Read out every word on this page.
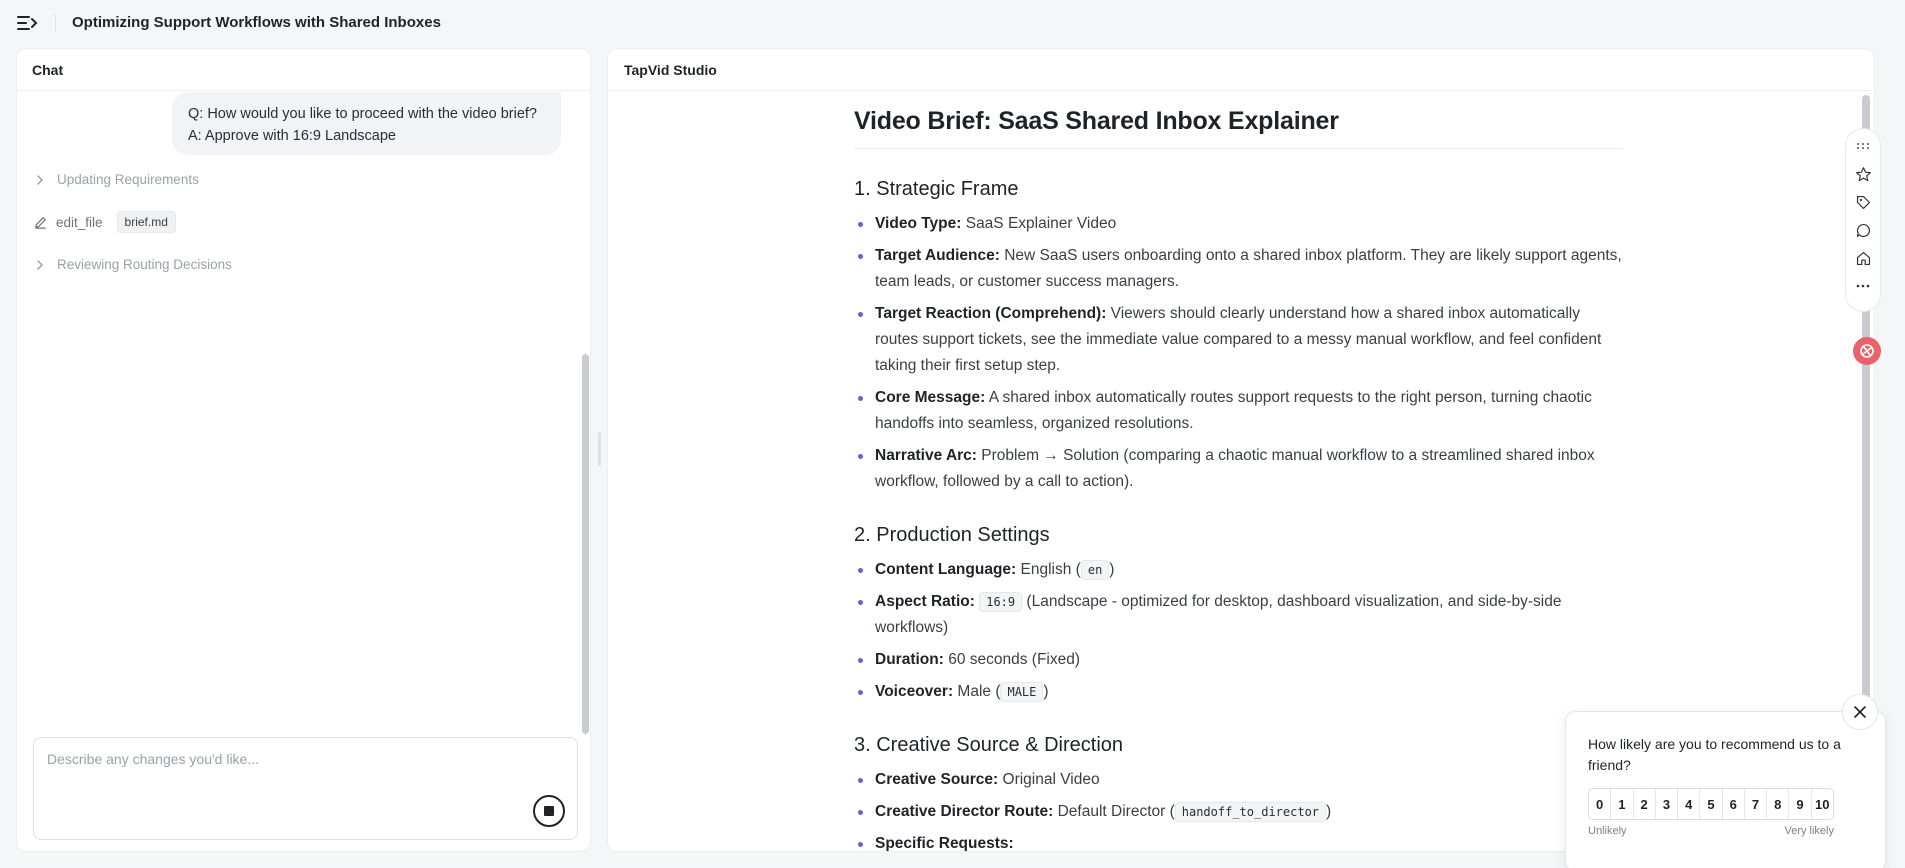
Optimizing Support Workflows with Shared Inboxes
Chat
Q: How would you like to proceed with the video brief?
A: Approve with 16:9 Landscape
Updating Requirements
edit_file	brief.md
Reviewing Routing Decisions
Describe any changes you'd like...
TapVid Studio
Video Brief: SaaS Shared Inbox Explainer
1. Strategic Frame
Video Type: SaaS Explainer Video
Target Audience: New SaaS users onboarding onto a shared inbox platform. They are likely support agents, team leads, or customer success managers.
Target Reaction (Comprehend): Viewers should clearly understand how a shared inbox automatically routes support tickets, see the immediate value compared to a messy manual workflow, and feel confident taking their first setup step.
Core Message: A shared inbox automatically routes support requests to the right person, turning chaotic handoffs into seamless, organized resolutions.
Narrative Arc: Problem → Solution (comparing a chaotic manual workflow to a streamlined shared inbox workflow, followed by a call to action).
2. Production Settings
Content Language: English ( en )
Aspect Ratio: 16:9 (Landscape - optimized for desktop, dashboard visualization, and side-by-side workflows)
Duration: 60 seconds (Fixed)
Voiceover: Male ( MALE )
3. Creative Source & Direction
Creative Source: Original Video
Creative Director Route: Default Director ( handoff_to_director )
Specific Requests:
How likely are you to recommend us to a friend?
0	1	2	3	4	5	6	7	8	9 10
Unlikely	Very likely
